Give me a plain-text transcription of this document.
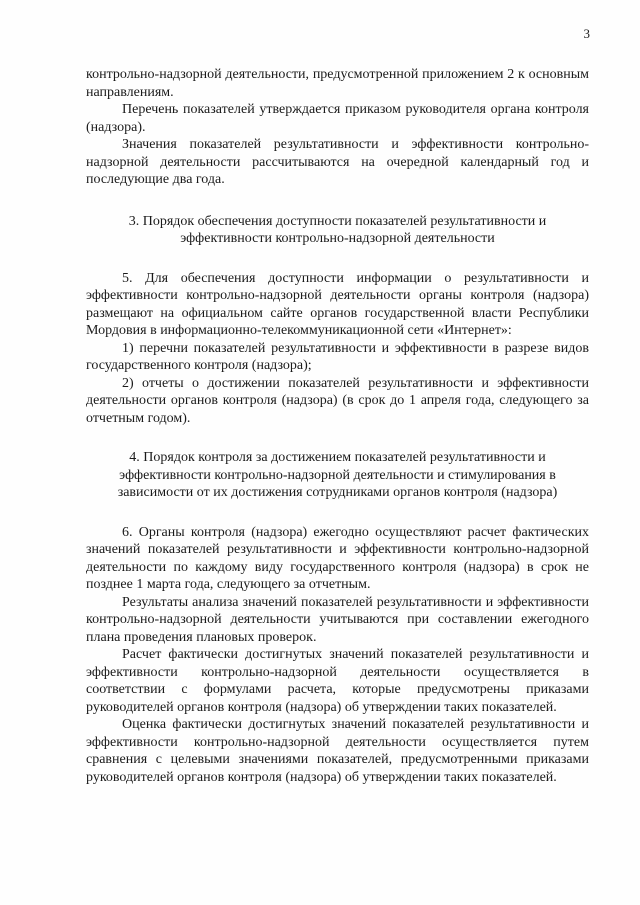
3

контрольно-надзорной деятельности, предусмотренной приложением 2 к основным направлениям.

Перечень показателей утверждается приказом руководителя органа контроля (надзора).

Значения показателей результативности и эффективности контрольно-надзорной деятельности рассчитываются на очередной календарный год и последующие два года.

3. Порядок обеспечения доступности показателей результативности и эффективности контрольно-надзорной деятельности

5. Для обеспечения доступности информации о результативности и эффективности контрольно-надзорной деятельности органы контроля (надзора) размещают на официальном сайте органов государственной власти Республики Мордовия в информационно-телекоммуникационной сети «Интернет»:

1) перечни показателей результативности и эффективности в разрезе видов государственного контроля (надзора);

2) отчеты о достижении показателей результативности и эффективности деятельности органов контроля (надзора) (в срок до 1 апреля года, следующего за отчетным годом).

4. Порядок контроля за достижением показателей результативности и эффективности контрольно-надзорной деятельности и стимулирования в зависимости от их достижения сотрудниками органов контроля (надзора)

6. Органы контроля (надзора) ежегодно осуществляют расчет фактических значений показателей результативности и эффективности контрольно-надзорной деятельности по каждому виду государственного контроля (надзора) в срок не позднее 1 марта года, следующего за отчетным.

Результаты анализа значений показателей результативности и эффективности контрольно-надзорной деятельности учитываются при составлении ежегодного плана проведения плановых проверок.

Расчет фактически достигнутых значений показателей результативности и эффективности контрольно-надзорной деятельности осуществляется в соответствии с формулами расчета, которые предусмотрены приказами руководителей органов контроля (надзора) об утверждении таких показателей.

Оценка фактически достигнутых значений показателей результативности и эффективности контрольно-надзорной деятельности осуществляется путем сравнения с целевыми значениями показателей, предусмотренными приказами руководителей органов контроля (надзора) об утверждении таких показателей.
